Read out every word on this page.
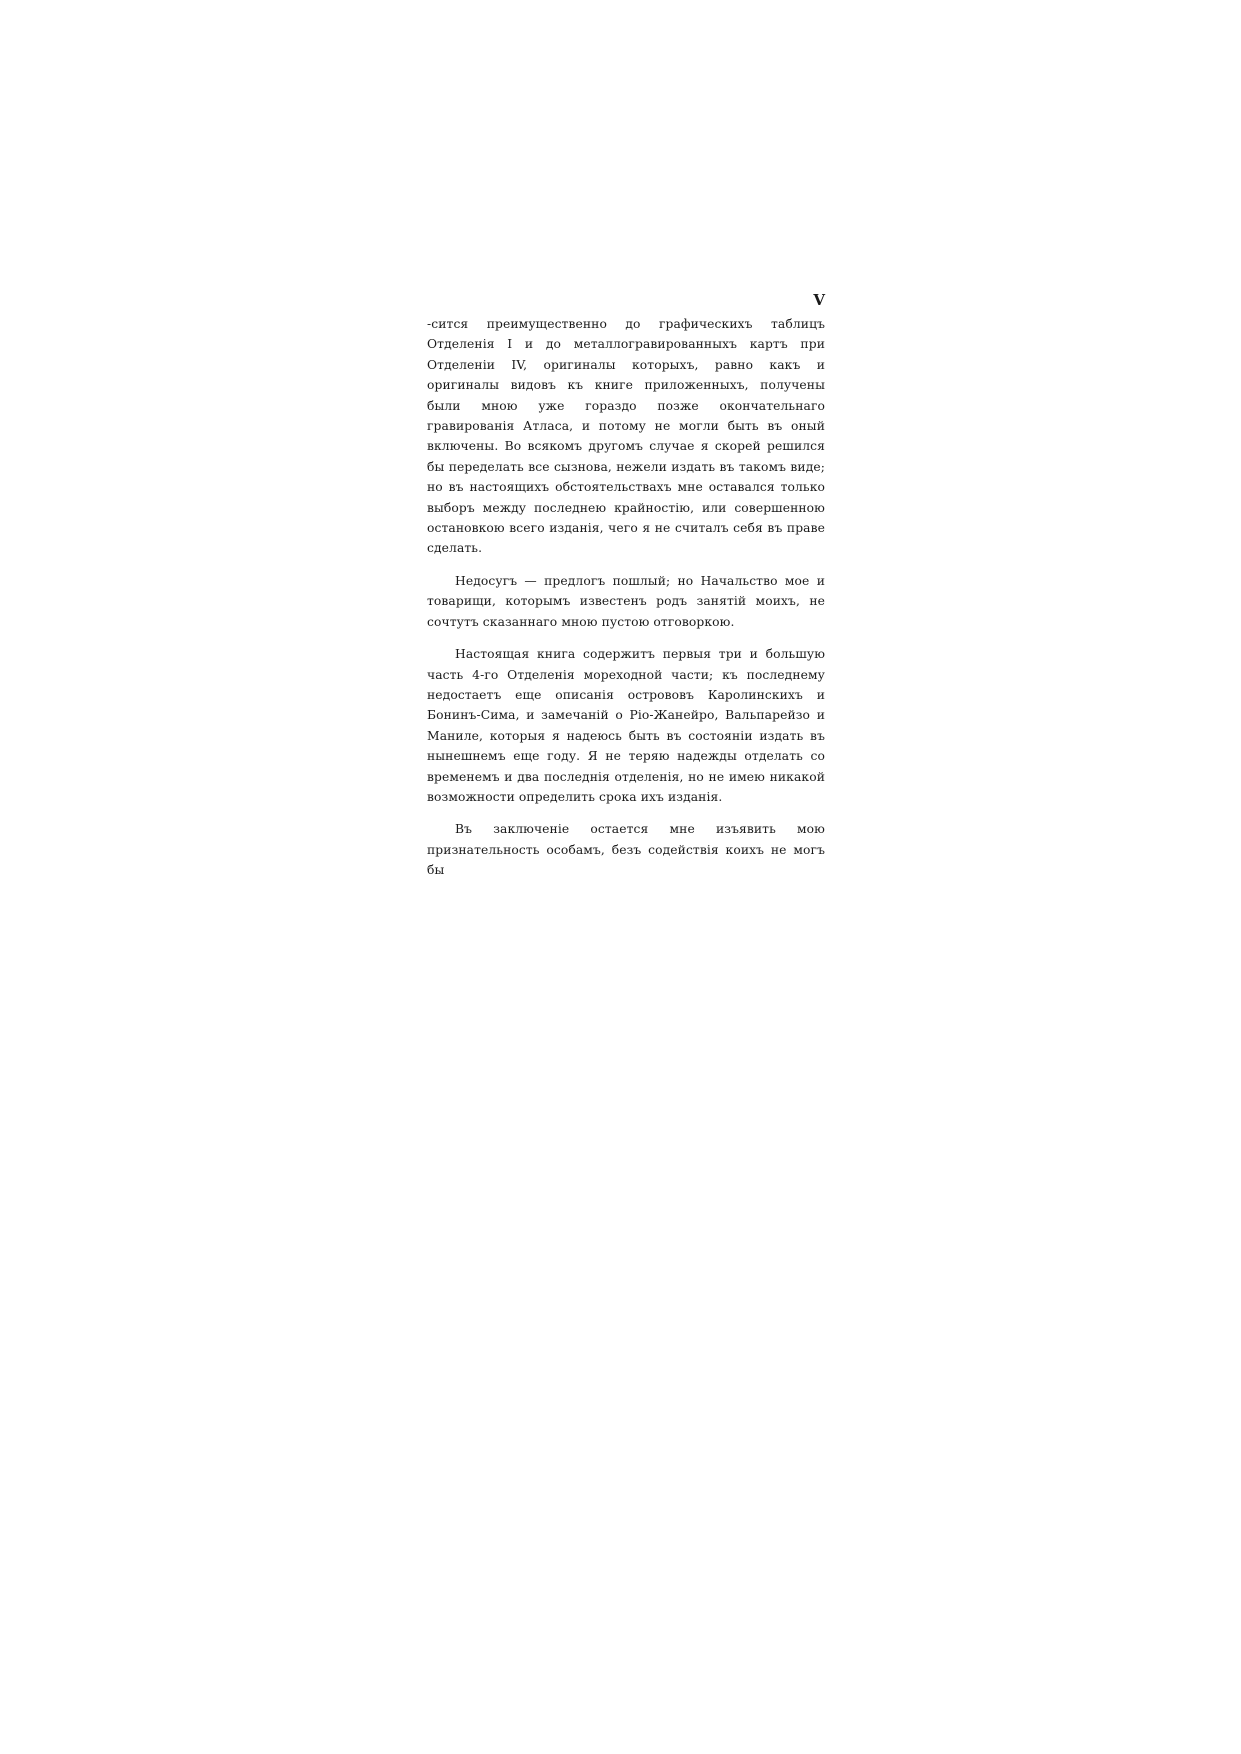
V

-сится преимущественно до графическихъ таблицъ Отделенія I и до металлогравированныхъ картъ при Отделеніи IV, оригиналы которыхъ, равно какъ и оригиналы видовъ къ книге приложенныхъ, получены были мною уже гораздо позже окончательнаго гравированія Атласа, и потому не могли быть въ оный включены. Во всякомъ другомъ случае я скорей решился бы переделать все сызнова, нежели издать въ такомъ виде; но въ настоящихъ обстоятельствахъ мне оставался только выборъ между последнею крайностію, или совершенною остановкою всего изданія, чего я не считалъ себя въ праве сделать.

Недосугъ — предлогъ пошлый; но Начальство мое и товарищи, которымъ известенъ родъ занятій моихъ, не сочтутъ сказаннаго мною пустою отговоркою.

Настоящая книга содержитъ первыя три и большую часть 4-го Отделенія мореходной части; къ последнему недостаетъ еще описанія острововъ Каролинскихъ и Бонинъ-Сима, и замечаній о Ріо-Жанейро, Вальпарейзо и Маниле, которыя я надеюсь быть въ состояніи издать въ нынешнемъ еще году. Я не теряю надежды отделать со временемъ и два последнія отделенія, но не имею никакой возможности определить срока ихъ изданія.

Въ заключеніе остается мне изъявить мою признательность особамъ, безъ содействія коихъ не могъ бы
